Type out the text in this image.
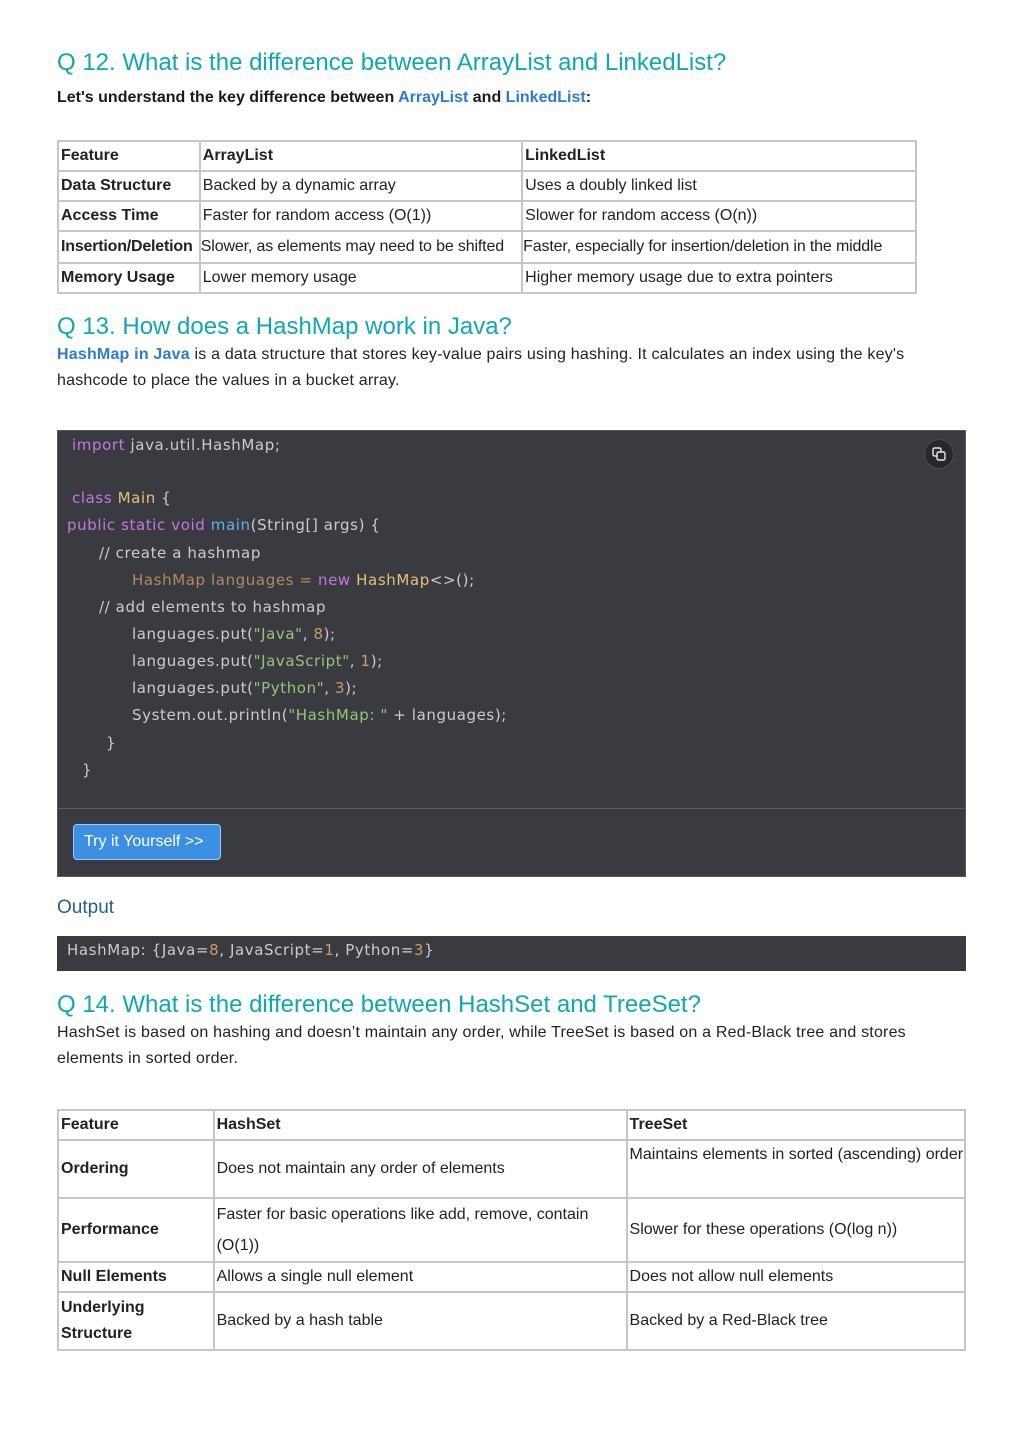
Q 12. What is the difference between ArrayList and LinkedList?
Let's understand the key difference between ArrayList and LinkedList:
Feature	ArrayList	LinkedList
Data Structure	Backed by a dynamic array	Uses a doubly linked list
Access Time	Faster for random access (O(1))	Slower for random access (O(n))
Insertion/Deletion	Slower, as elements may need to be shifted	Faster, especially for insertion/deletion in the middle
Memory Usage	Lower memory usage	Higher memory usage due to extra pointers
Q 13. How does a HashMap work in Java?
HashMap in Java is a data structure that stores key-value pairs using hashing. It calculates an index using the key's hashcode to place the values in a bucket array.
import java.util.HashMap;
class Main {
public static void main(String[] args) {
// create a hashmap
HashMap languages = new HashMap<>();
// add elements to hashmap
languages.put("Java", 8);
languages.put("JavaScript", 1);
languages.put("Python", 3);
System.out.println("HashMap: " + languages);
}
}
Try it Yourself >>
Output
HashMap: {Java=8, JavaScript=1, Python=3}
Q 14. What is the difference between HashSet and TreeSet?
HashSet is based on hashing and doesn’t maintain any order, while TreeSet is based on a Red-Black tree and stores elements in sorted order.
Feature	HashSet	TreeSet
Ordering	Does not maintain any order of elements	Maintains elements in sorted (ascending) order
Performance	Faster for basic operations like add, remove, contain (O(1))	Slower for these operations (O(log n))
Null Elements	Allows a single null element	Does not allow null elements
Underlying Structure	Backed by a hash table	Backed by a Red-Black tree
